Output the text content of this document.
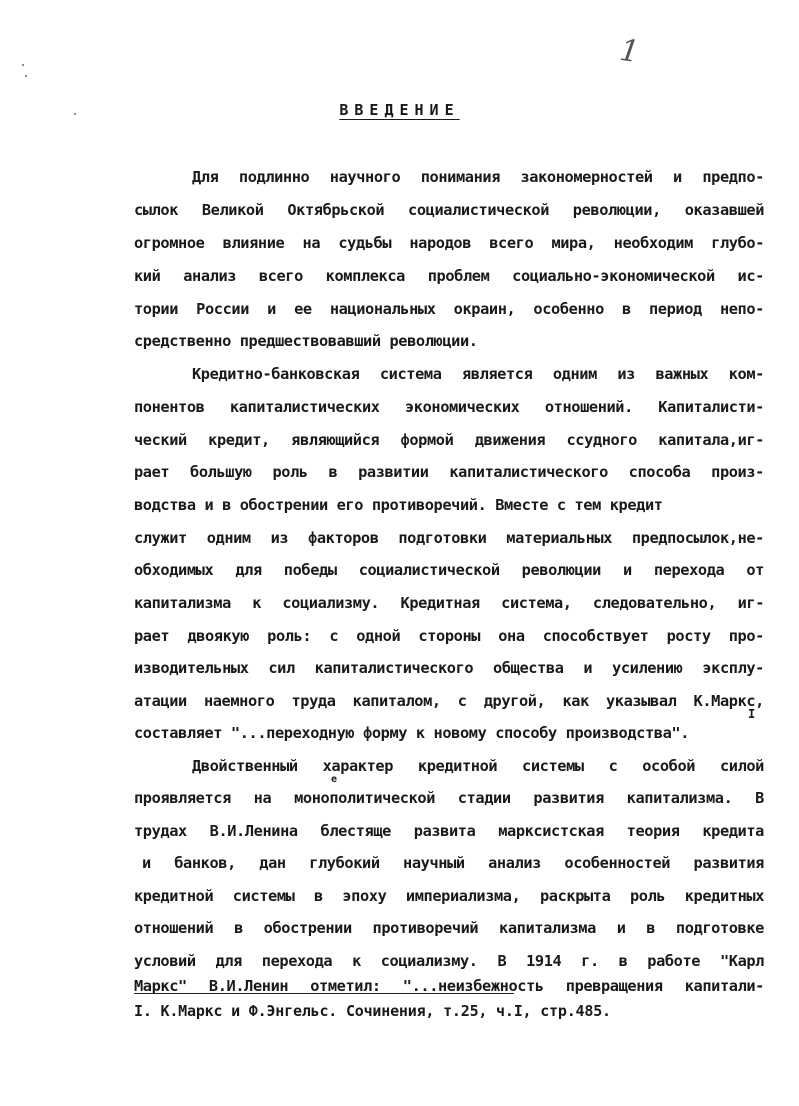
1
ВВЕДЕНИЕ
Для подлинно научного понимания закономерностей и предпо-
сылок Великой Октябрьской социалистической революции, оказавшей
огромное влияние на судьбы народов всего мира, необходим глубо-
кий анализ всего комплекса проблем социально-экономической ис-
тории России и ее национальных окраин, особенно в период непо-
средственно предшествовавший революции.
Кредитно-банковская система является одним из важных ком-
понентов капиталистических экономических отношений. Капиталисти-
ческий кредит, являющийся формой движения ссудного капитала,иг-
рает большую роль в развитии капиталистического способа произ-
водства и в обострении его противоречий. Вместе с тем кредит
служит одним из факторов подготовки материальных предпосылок,не-
обходимых для победы социалистической революции и перехода от
капитализма к социализму. Кредитная система, следовательно, иг-
рает двоякую роль: с одной стороны она способствует росту про-
изводительных сил капиталистического общества и усилению эксплу-
атации наемного труда капиталом, с другой, как указывал К.Маркс,
составляет "...переходную форму к новому способу производства".
I
Двойственный характер кредитной системы с особой силой
е
проявляется на монополитической стадии развития капитализма. В
трудах В.И.Ленина блестяще развита марксистская теория кредита
и банков, дан глубокий научный анализ особенностей развития
кредитной системы в эпоху империализма, раскрыта роль кредитных
отношений в обострении противоречий капитализма и в подготовке
условий для перехода к социализму. В 1914 г. в работе "Карл
Маркс" В.И.Ленин отметил: "...неизбежность превращения капитали-
I. К.Маркс и Ф.Энгельс. Сочинения, т.25, ч.I, стр.485.
